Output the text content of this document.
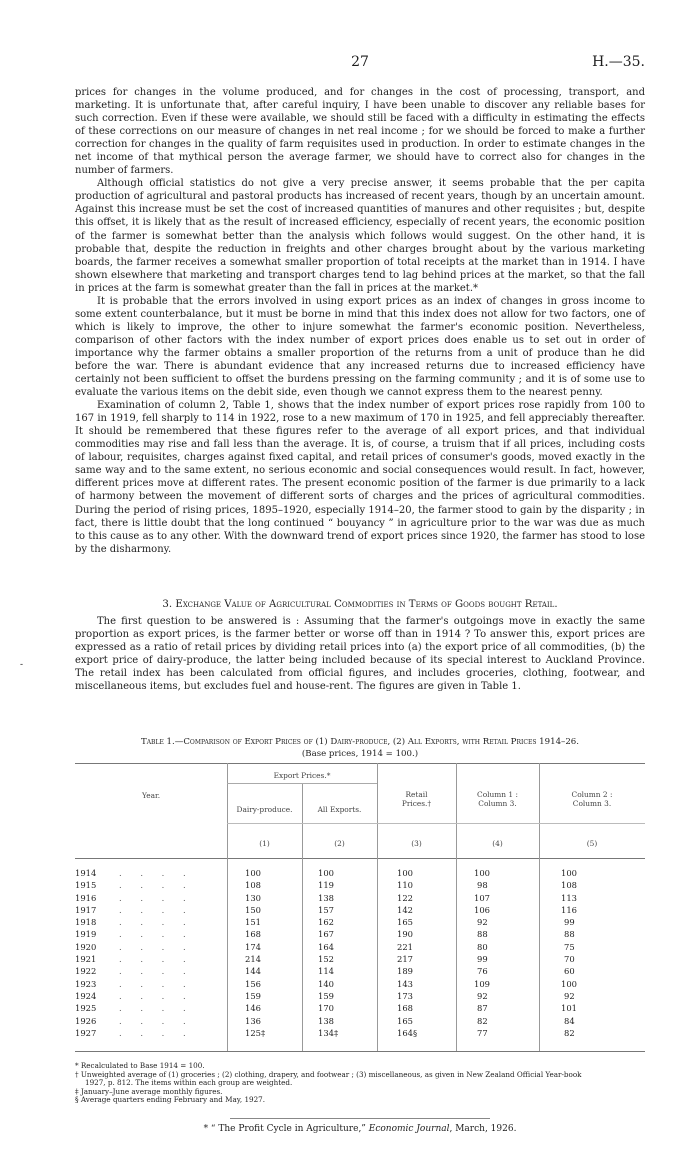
27	H.—35.

prices for changes in the volume produced, and for changes in the cost of processing, transport, and marketing. It is unfortunate that, after careful inquiry, I have been unable to discover any reliable bases for such correction. Even if these were available, we should still be faced with a difficulty in estimating the effects of these corrections on our measure of changes in net real income ; for we should be forced to make a further correction for changes in the quality of farm requisites used in production. In order to estimate changes in the net income of that mythical person the average farmer, we should have to correct also for changes in the number of farmers.

Although official statistics do not give a very precise answer, it seems probable that the per capita production of agricultural and pastoral products has increased of recent years, though by an uncertain amount. Against this increase must be set the cost of increased quantities of manures and other requisites ; but, despite this offset, it is likely that as the result of increased efficiency, especially of recent years, the economic position of the farmer is somewhat better than the analysis which follows would suggest. On the other hand, it is probable that, despite the reduction in freights and other charges brought about by the various marketing boards, the farmer receives a somewhat smaller proportion of total receipts at the market than in 1914. I have shown elsewhere that marketing and transport charges tend to lag behind prices at the market, so that the fall in prices at the farm is somewhat greater than the fall in prices at the market.*

It is probable that the errors involved in using export prices as an index of changes in gross income to some extent counterbalance, but it must be borne in mind that this index does not allow for two factors, one of which is likely to improve, the other to injure somewhat the farmer's economic position. Nevertheless, comparison of other factors with the index number of export prices does enable us to set out in order of importance why the farmer obtains a smaller proportion of the returns from a unit of produce than he did before the war. There is abundant evidence that any increased returns due to increased efficiency have certainly not been sufficient to offset the burdens pressing on the farming community ; and it is of some use to evaluate the various items on the debit side, even though we cannot express them to the nearest penny.

Examination of column 2, Table 1, shows that the index number of export prices rose rapidly from 100 to 167 in 1919, fell sharply to 114 in 1922, rose to a new maximum of 170 in 1925, and fell appreciably thereafter. It should be remembered that these figures refer to the average of all export prices, and that individual commodities may rise and fall less than the average. It is, of course, a truism that if all prices, including costs of labour, requisites, charges against fixed capital, and retail prices of consumer's goods, moved exactly in the same way and to the same extent, no serious economic and social consequences would result. In fact, however, different prices move at different rates. The present economic position of the farmer is due primarily to a lack of harmony between the movement of different sorts of charges and the prices of agricultural commodities. During the period of rising prices, 1895–1920, especially 1914–20, the farmer stood to gain by the disparity ; in fact, there is little doubt that the long continued “ bouyancy ” in agriculture prior to the war was due as much to this cause as to any other. With the downward trend of export prices since 1920, the farmer has stood to lose by the disharmony.

-
3. Exchange Value of Agricultural Commodities in Terms of Goods bought Retail.

The first question to be answered is : Assuming that the farmer's outgoings move in exactly the same proportion as export prices, is the farmer better or worse off than in 1914 ? To answer this, export prices are expressed as a ratio of retail prices by dividing retail prices into (a) the export price of all commodities, (b) the export price of dairy-produce, the latter being included because of its special interest to Auckland Province. The retail index has been calculated from official figures, and includes groceries, clothing, footwear, and miscellaneous items, but excludes fuel and house-rent. The figures are given in Table 1.

Table 1.—Comparison of Export Prices of (1) Dairy-produce, (2) All Exports, with Retail Prices 1914–26.
(Base prices, 1914 = 100.)
Export Prices.*
Year.
Dairy-produce.	All Exports.
Retail
Prices.†
Column 1 :
Column 3.
Column 2 :
Column 3.
(1)	(2)	(3)	(4)	(5)
1914	. . . .	100	100	100	100	100
1915	. . . .	108	119	110	98	108
1916	. . . .	130	138	122	107	113
1917	. . . .	150	157	142	106	116
1918	. . . .	151	162	165	92	99
1919	. . . .	168	167	190	88	88
1920	. . . .	174	164	221	80	75
1921	. . . .	214	152	217	99	70
1922	. . . .	144	114	189	76	60
1923	. . . .	156	140	143	109	100
1924	. . . .	159	159	173	92	92
1925	. . . .	146	170	168	87	101
1926	. . . .	136	138	165	82	84
1927	. . . .	125‡	134‡	164§	77	82
* Recalculated to Base 1914 = 100.
† Unweighted average of (1) groceries ; (2) clothing, drapery, and footwear ; (3) miscellaneous, as given in New Zealand Official Year-book
1927, p. 812. The items within each group are weighted.
‡ January–June average monthly figures.
§ Average quarters ending February and May, 1927.
* “ The Profit Cycle in Agriculture,” Economic Journal, March, 1926.
